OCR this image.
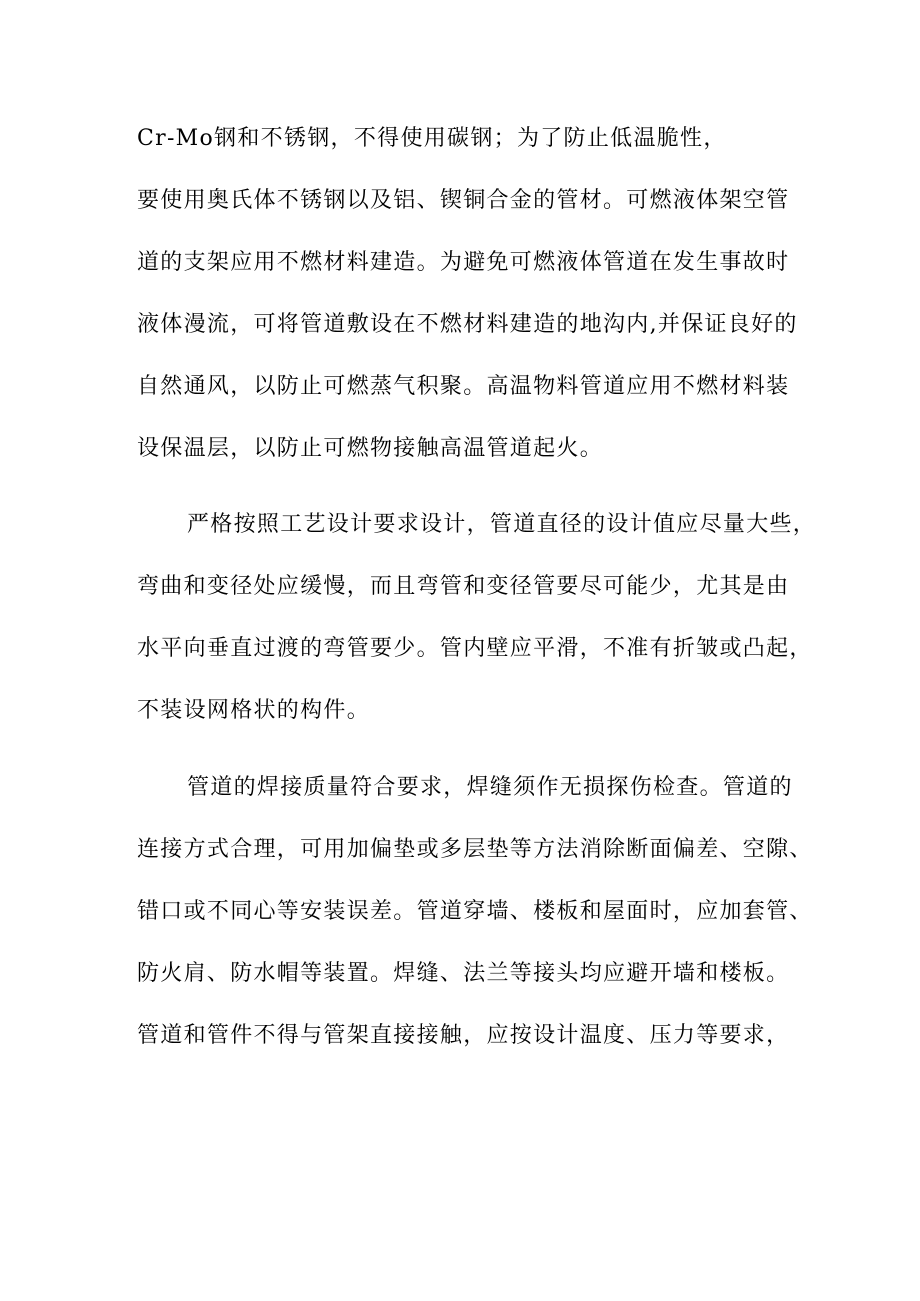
Cr-Mo钢和不锈钢，不得使用碳钢；为了防止低温脆性，
要使用奥氏体不锈钢以及铝、锲铜合金的管材。可燃液体架空管
道的支架应用不燃材料建造。为避免可燃液体管道在发生事故时
液体漫流，可将管道敷设在不燃材料建造的地沟内,并保证良好的
自然通风，以防止可燃蒸气积聚。高温物料管道应用不燃材料装
设保温层，以防止可燃物接触高温管道起火。
严格按照工艺设计要求设计，管道直径的设计值应尽量大些，
弯曲和变径处应缓慢，而且弯管和变径管要尽可能少，尤其是由
水平向垂直过渡的弯管要少。管内壁应平滑，不准有折皱或凸起，
不装设网格状的构件。
管道的焊接质量符合要求，焊缝须作无损探伤检查。管道的
连接方式合理，可用加偏垫或多层垫等方法消除断面偏差、空隙、
错口或不同心等安装误差。管道穿墙、楼板和屋面时，应加套管、
防火肩、防水帽等装置。焊缝、法兰等接头均应避开墙和楼板。
管道和管件不得与管架直接接触，应按设计温度、压力等要求，
